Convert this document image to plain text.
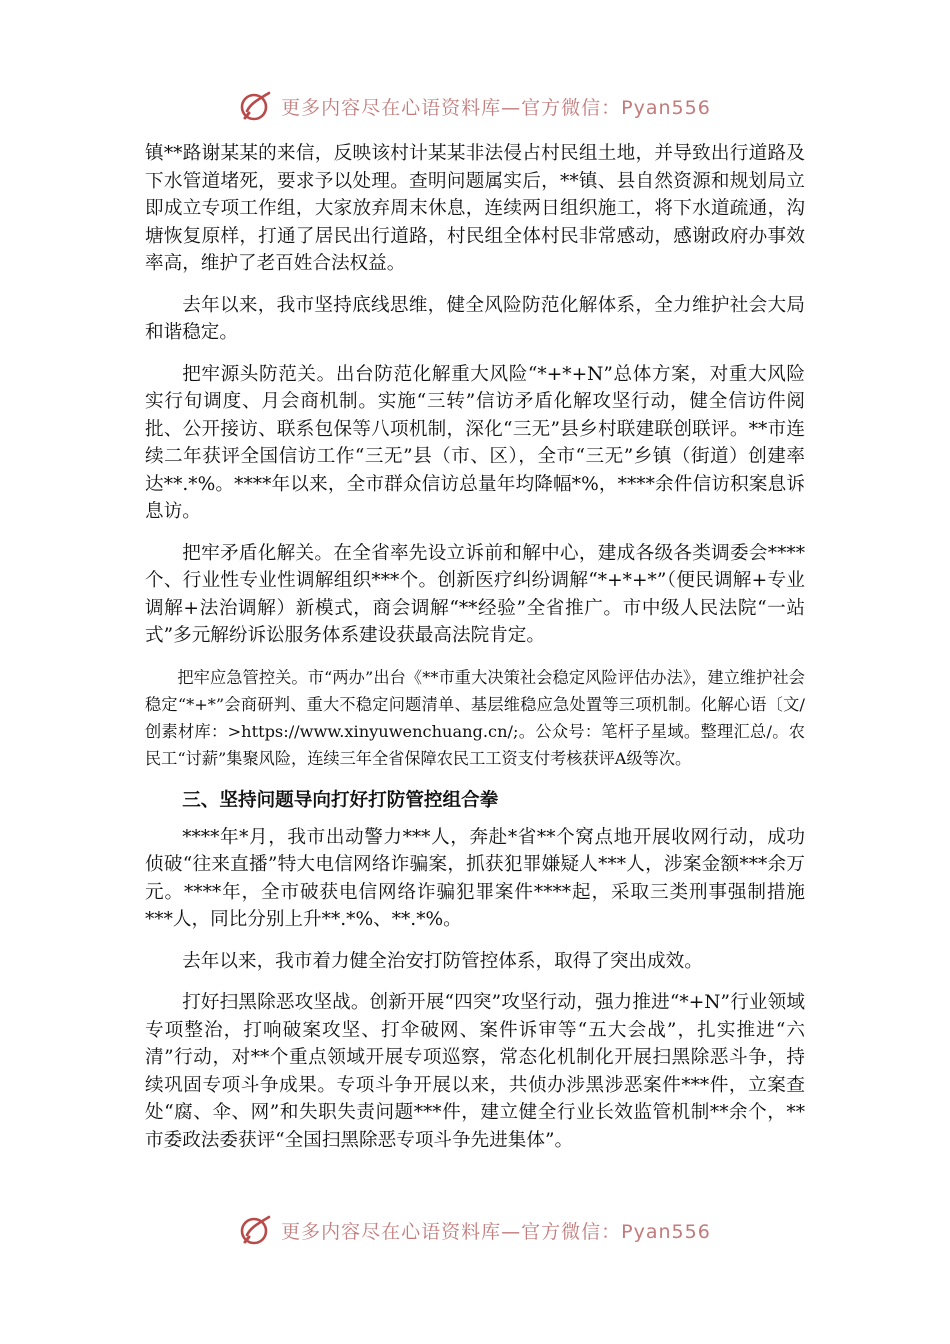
更多内容尽在心语资料库—官方微信：Pyan556

镇**路谢某某的来信，反映该村计某某非法侵占村民组土地，并导致出行道路及下水管道堵死，要求予以处理。查明问题属实后，**镇、县自然资源和规划局立即成立专项工作组，大家放弃周末休息，连续两日组织施工，将下水道疏通，沟塘恢复原样，打通了居民出行道路，村民组全体村民非常感动，感谢政府办事效率高，维护了老百姓合法权益。

去年以来，我市坚持底线思维，健全风险防范化解体系，全力维护社会大局和谐稳定。

把牢源头防范关。出台防范化解重大风险“*+*+N”总体方案，对重大风险实行旬调度、月会商机制。实施“三转”信访矛盾化解攻坚行动，健全信访件阅批、公开接访、联系包保等八项机制，深化“三无”县乡村联建联创联评。**市连续二年获评全国信访工作“三无”县（市、区），全市“三无”乡镇（街道）创建率达**.*%。****年以来，全市群众信访总量年均降幅*%，****余件信访积案息诉息访。

把牢矛盾化解关。在全省率先设立诉前和解中心，建成各级各类调委会****个、行业性专业性调解组织***个。创新医疗纠纷调解“*+*+*”（便民调解+专业调解+法治调解）新模式，商会调解“**经验”全省推广。市中级人民法院“一站式”多元解纷诉讼服务体系建设获最高法院肯定。

把牢应急管控关。市“两办”出台《**市重大决策社会稳定风险评估办法》，建立维护社会稳定“*+*”会商研判、重大不稳定问题清单、基层维稳应急处置等三项机制。化解心语〔文/创素材库：>https://www.xinyuwenchuang.cn/;。公众号：笔杆子星域。整理汇总/。农民工“讨薪”集聚风险，连续三年全省保障农民工工资支付考核获评A级等次。

三、坚持问题导向打好打防管控组合拳

****年*月，我市出动警力***人，奔赴*省**个窝点地开展收网行动，成功侦破“往来直播”特大电信网络诈骗案，抓获犯罪嫌疑人***人，涉案金额***余万元。****年，全市破获电信网络诈骗犯罪案件****起，采取三类刑事强制措施***人，同比分别上升**.*%、**.*%。

去年以来，我市着力健全治安打防管控体系，取得了突出成效。

打好扫黑除恶攻坚战。创新开展“四突”攻坚行动，强力推进“*+N”行业领域专项整治，打响破案攻坚、打伞破网、案件诉审等“五大会战”，扎实推进“六清”行动，对**个重点领域开展专项巡察，常态化机制化开展扫黑除恶斗争，持续巩固专项斗争成果。专项斗争开展以来，共侦办涉黑涉恶案件***件，立案查处“腐、伞、网”和失职失责问题***件，建立健全行业长效监管机制**余个，**市委政法委获评“全国扫黑除恶专项斗争先进集体”。

更多内容尽在心语资料库—官方微信：Pyan556
